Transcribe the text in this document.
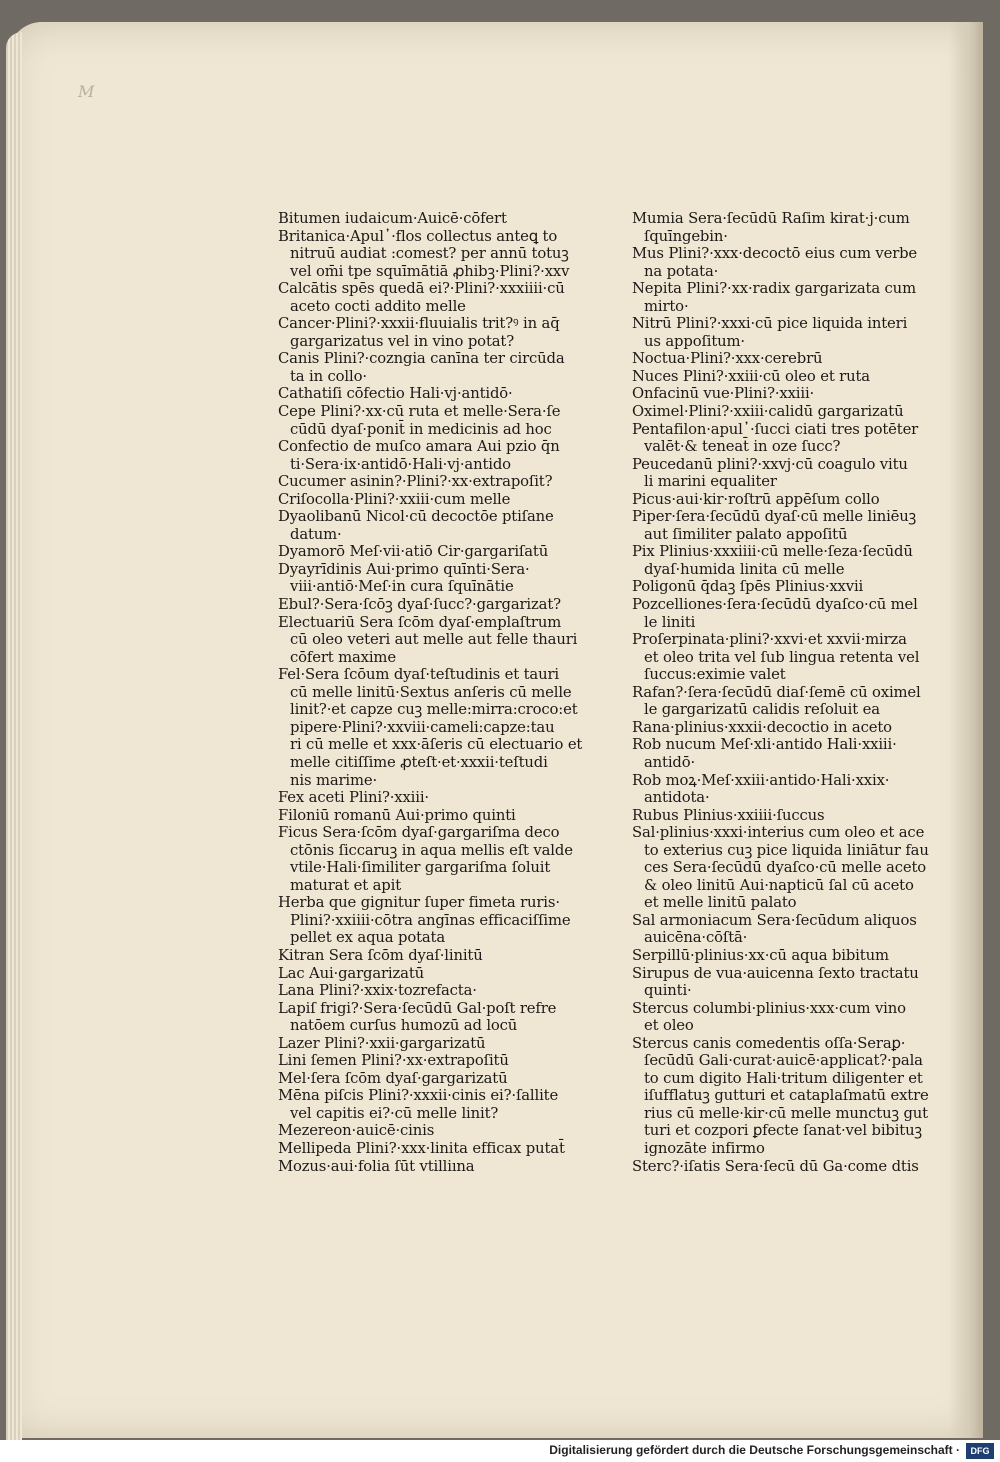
M
Bitumen iudaicum·Auicē·cōfert
Britanica·Apul᾽·flos collectus anteꝗ to
nitruū audiat :comest? per annū totuꝫ
vel om̄i tpe squīmātiā ꝓhibꝫ·Plini?·xxv
Calcātis spēs quedā ei?·Plini?·xxxiiii·cū
aceto cocti addito melle
Cancer·Plini?·xxxii·fluuialis trit?ꝰ in aq̄
gargarizatus vel in vino potat?
Canis Plini?·cozngia canīna ter circūda
ta in collo·
Cathatiſi cōfectio Hali·vj·antidō·
Cepe Plini?·xx·cū ruta et melle·Sera·ſe
cūdū dyaſ·ponit̄ in medicinis ad hoc
Confectio de muſco amara Aui pzio q̄n
ti·Sera·ix·antidō·Hali·vj·antido
Cucumer asinin?·Plini?·xx·extrapoſit?
Criſocolla·Plini?·xxiii·cum melle
Dyaolibanū Nicol·cū decoctōe ptiſane
datum·
Dyamorō Meſ·vii·atiō Cir·gargariſatū
Dyayrīdinis Aui·primo quīnti·Sera·
viii·antiō·Meſ·in cura ſquīnātie
Ebul?·Sera·ſcōꝫ dyaſ·ſucc?·gargarizat?
Electuariū Sera ſcōm dyaſ·emplaſtrum
cū oleo veteri aut melle aut felle thauri
cōfert maxime
Fel·Sera ſcōum dyaſ·teſtudinis et tauri
cū melle linitū·Sextus anſeris cū melle
linit?·et capze cuꝫ melle:mirra:croco:et
pipere·Plini?·xxviii·cameli:capze:tau
ri cū melle et xxx·āſeris cū electuario et
melle citiſſime ꝓteſt·et·xxxii·teſtudi
nis marime·
Fex aceti Plini?·xxiii·
Filoniū romanū Aui·primo quinti
Ficus Sera·ſcōm dyaſ·gargariſma deco
ctōnis ſiccaruꝫ in aqua mellis eſt valde
vtile·Hali·ſimiliter gargariſma ſoluit
maturat et apit
Herba que gignitur ſuper fimeta ruris·
Plini?·xxiiii·cōtra angīnas efficaciſſime
pellet ex aqua potata
Kitran Sera ſcōm dyaſ·linitū
Lac Aui·gargarizatū
Lana Plini?·xxix·tozrefacta·
Lapiſ frigi?·Sera·ſecūdū Gal·poſt refre
natōem curſus humozū ad locū
Lazer Plini?·xxii·gargarizatū
Lini ſemen Plini?·xx·extrapoſitū
Mel·ſera ſcōm dyaſ·gargarizatū
Mēna piſcis Plini?·xxxii·cinis ei?·ſallite
vel capitis ei?·cū melle linit?
Mezereon·auicē·cinis
Mellipeda Plini?·xxx·linita efficax putat̄
Mozus·aui·folia ſūt vtilliına
Mumia Sera·ſecūdū Raſim kirat·j·cum
ſquīngebin·
Mus Plini?·xxx·decoctō eius cum verbe
na potata·
Nepita Plini?·xx·radix gargarizata cum
mirto·
Nitrū Plini?·xxxi·cū pice liquida interi
us appoſitum·
Noctua·Plini?·xxx·cerebrū
Nuces Plini?·xxiii·cū oleo et ruta
Onfacinū vue·Plini?·xxiii·
Oximel·Plini?·xxiii·calidū gargarizatū
Pentafilon·apul᾽·ſucci ciati tres potēter
valēt·& teneat̄ in oze ſucc?
Peucedanū plini?·xxvj·cū coagulo vitu
li marini equaliter
Picus·aui·kir·roſtrū appēſum collo
Piper·ſera·ſecūdū dyaſ·cū melle liniēuꝫ
aut ſimiliter palato appoſitū
Pix Plinius·xxxiiii·cū melle·ſeza·ſecūdū
dyaſ·humida linita cū melle
Poligonū q̄daꝫ ſpēs Plinius·xxvii
Pozcelliones·ſera·ſecūdū dyaſco·cū mel
le liniti
Proſerpinata·plini?·xxvi·et xxvii·mirza
et oleo trita vel ſub lingua retenta vel
ſuccus:eximie valet
Rafan?·ſera·ſecūdū diaſ·ſemē cū oximel
le gargarizatū calidis reſoluit ea
Rana·plinius·xxxii·decoctio in aceto
Rob nucum Meſ·xli·antido Hali·xxiii·
antidō·
Rob moꝝ·Meſ·xxiii·antido·Hali·xxix·
antidota·
Rubus Plinius·xxiiii·ſuccus
Sal·plinius·xxxi·interius cum oleo et ace
to exterius cuꝫ pice liquida liniātur fau
ces Sera·ſecūdū dyaſco·cū melle aceto
& oleo linitū Aui·napticū ſal cū aceto
et melle linitū palato
Sal armoniacum Sera·ſecūdum aliquos
auicēna·cōſtā·
Serpillū·plinius·xx·cū aqua bibitum
Sirupus de vua·auicenna ſexto tractatu
quinti·
Stercus columbi·plinius·xxx·cum vino
et oleo
Stercus canis comedentis oſſa·Seraꝑ·
ſecūdū Gali·curat·auicē·applicat?·pala
to cum digito Hali·tritum diligenter et
iſufflatuꝫ gutturi et cataplaſmatū extre
rius cū melle·kir·cū melle munctuꝫ gut
turi et cozpori ꝑfecte ſanat·vel bibituꝫ
ignozāte infirmo
Sterc?·iſatis Sera·ſecū dū Ga·come dtis
Digitalisierung gefördert durch die Deutsche Forschungsgemeinschaft ·	DFG
